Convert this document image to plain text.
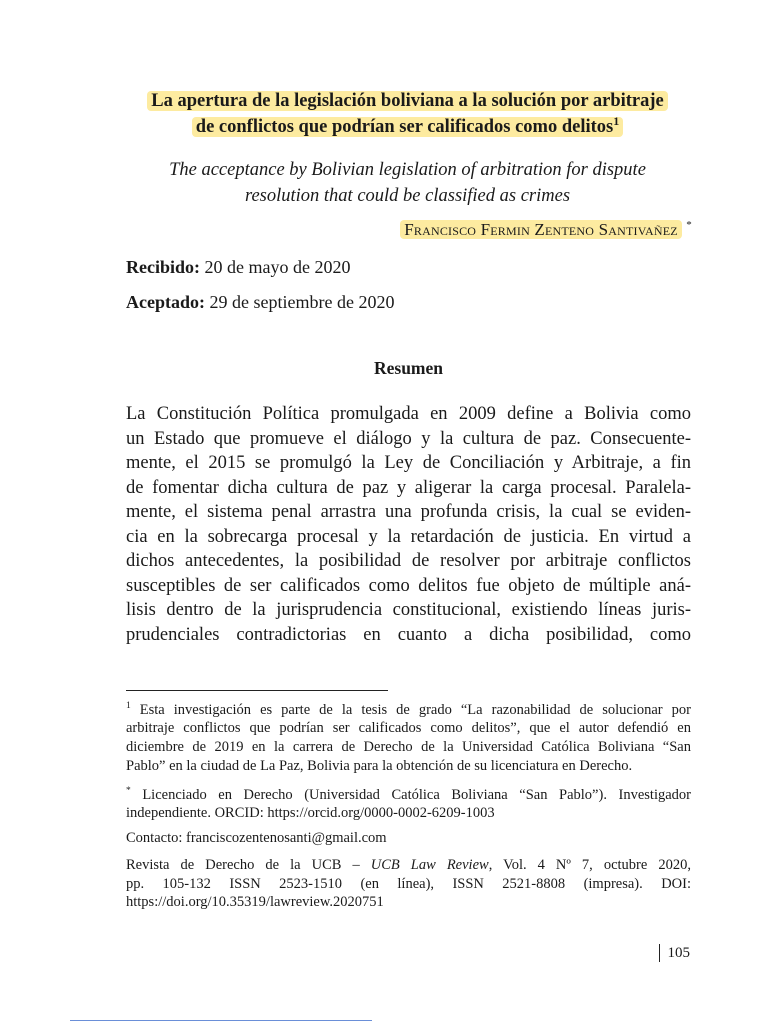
La apertura de la legislación boliviana a la solución por arbitraje
de conflictos que podrían ser calificados como delitos$^1$
The acceptance by Bolivian legislation of arbitration for dispute
resolution that could be classified as crimes
Francisco Fermin Zenteno Santivañez *
Recibido: 20 de mayo de 2020
Aceptado: 29 de septiembre de 2020
Resumen
La Constitución Política promulgada en 2009 define a Bolivia como
un Estado que promueve el diálogo y la cultura de paz. Consecuente-
mente, el 2015 se promulgó la Ley de Conciliación y Arbitraje, a fin
de fomentar dicha cultura de paz y aligerar la carga procesal. Paralela-
mente, el sistema penal arrastra una profunda crisis, la cual se eviden-
cia en la sobrecarga procesal y la retardación de justicia. En virtud a
dichos antecedentes, la posibilidad de resolver por arbitraje conflictos
susceptibles de ser calificados como delitos fue objeto de múltiple aná-
lisis dentro de la jurisprudencia constitucional, existiendo líneas juris-
prudenciales contradictorias en cuanto a dicha posibilidad, como
$^1$ Esta investigación es parte de la tesis de grado “La razonabilidad de solucionar por
arbitraje conflictos que podrían ser calificados como delitos”, que el autor defendió en
diciembre de 2019 en la carrera de Derecho de la Universidad Católica Boliviana “San
Pablo” en la ciudad de La Paz, Bolivia para la obtención de su licenciatura en Derecho.
* Licenciado en Derecho (Universidad Católica Boliviana “San Pablo”). Investigador
independiente. ORCID: https://orcid.org/0000-0002-6209-1003
Contacto: franciscozentenosanti@gmail.com
Revista de Derecho de la UCB – UCB Law Review, Vol. 4 Nº 7, octubre 2020,
pp. 105-132 ISSN 2523-1510 (en línea), ISSN 2521-8808 (impresa). DOI:
https://doi.org/10.35319/lawreview.2020751
105
